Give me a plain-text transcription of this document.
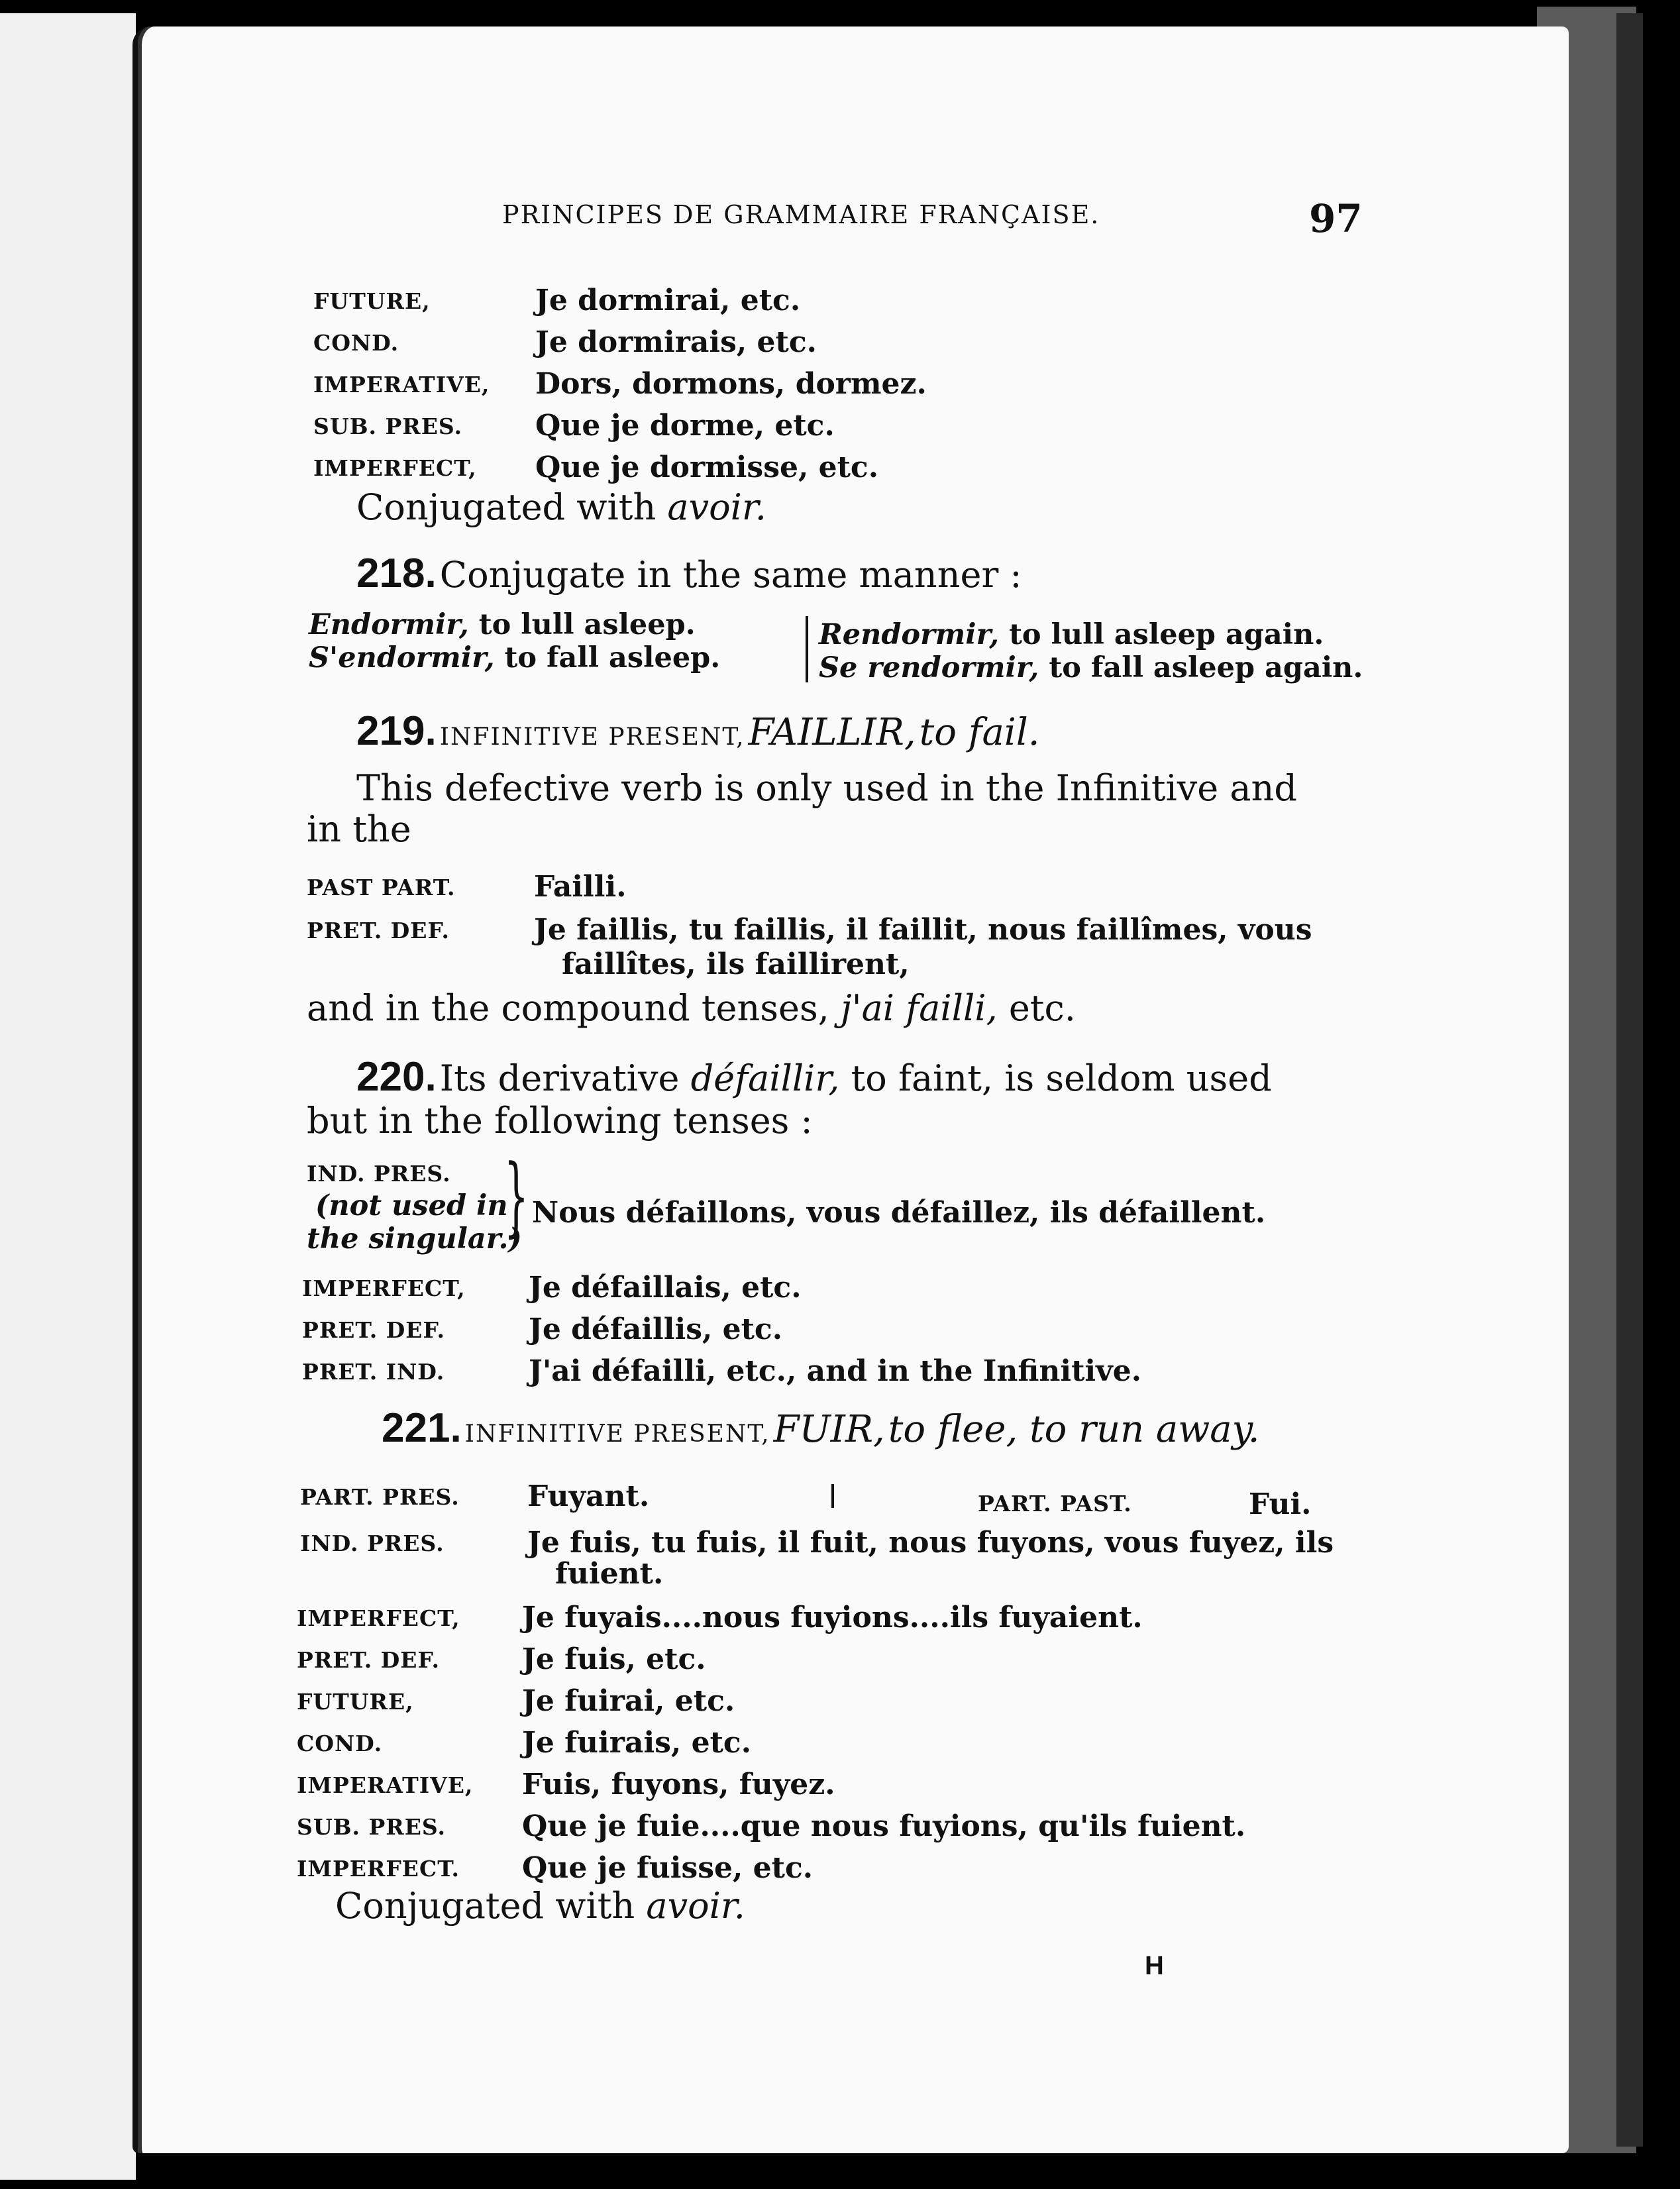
PRINCIPES DE GRAMMAIRE FRANÇAISE.	97
FUTURE,	Je dormirai, etc.
COND.	Je dormirais, etc.
IMPERATIVE, Dors, dormons, dormez.
SUB. PRES. Que je dorme, etc.
IMPERFECT, Que je dormisse, etc.
Conjugated with avoir.
218. Conjugate in the same manner :
Endormir, to lull asleep.
S'endormir, to fall asleep.
Rendormir, to lull asleep again.
Se rendormir, to fall asleep again.
219. INFINITIVE PRESENT, FAILLIR, to fail.
This defective verb is only used in the Infinitive and
in the
PAST PART.	Failli.
PRET. DEF.	Je faillis, tu faillis, il faillit, nous faillîmes, vous
faillîtes, ils faillirent,
and in the compound tenses, j'ai failli, etc.
220. Its derivative défaillir, to faint, is seldom used
but in the following tenses :
IND. PRES.
(not used in
the singular.)
} Nous défaillons, vous défaillez, ils défaillent.
IMPERFECT, Je défaillais, etc.
PRET. DEF.	Je défaillis, etc.
PRET. IND.	J'ai défailli, etc., and in the Infinitive.
221. INFINITIVE PRESENT, FUIR, to flee, to run away.
PART. PRES. Fuyant.	PART. PAST.	Fui.
IND. PRES.	Je fuis, tu fuis, il fuit, nous fuyons, vous fuyez, ils
fuient.
IMPERFECT, Je fuyais....nous fuyions....ils fuyaient.
PRET. DEF.	Je fuis, etc.
FUTURE,	Je fuirai, etc.
COND.	Je fuirais, etc.
IMPERATIVE, Fuis, fuyons, fuyez.
SUB. PRES.	Que je fuie....que nous fuyions, qu'ils fuient.
IMPERFECT. Que je fuisse, etc.
Conjugated with avoir.
H
